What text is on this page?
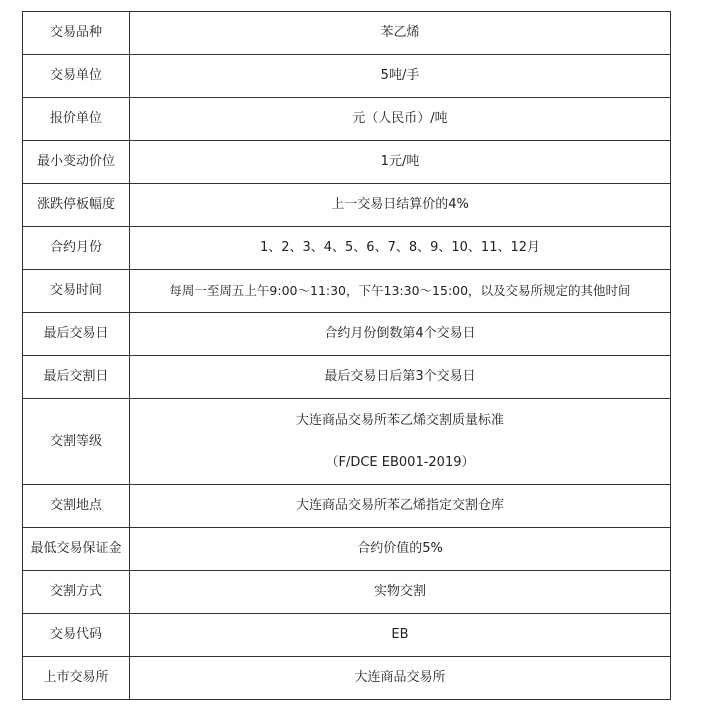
交易品种	苯乙烯
交易单位	5吨/手
报价单位	元（人民币）/吨
最小变动价位	1元/吨
涨跌停板幅度	上一交易日结算价的4%
合约月份	1、2、3、4、5、6、7、8、9、10、11、12月
交易时间	每周一至周五上午9:00～11:30，下午13:30～15:00，以及交易所规定的其他时间
最后交易日	合约月份倒数第4个交易日
最后交割日	最后交易日后第3个交易日
交割等级	大连商品交易所苯乙烯交割质量标准
（F/DCE EB001-2019）

交割地点	大连商品交易所苯乙烯指定交割仓库
最低交易保证金	合约价值的5%
交割方式	实物交割
交易代码	EB
上市交易所	大连商品交易所
